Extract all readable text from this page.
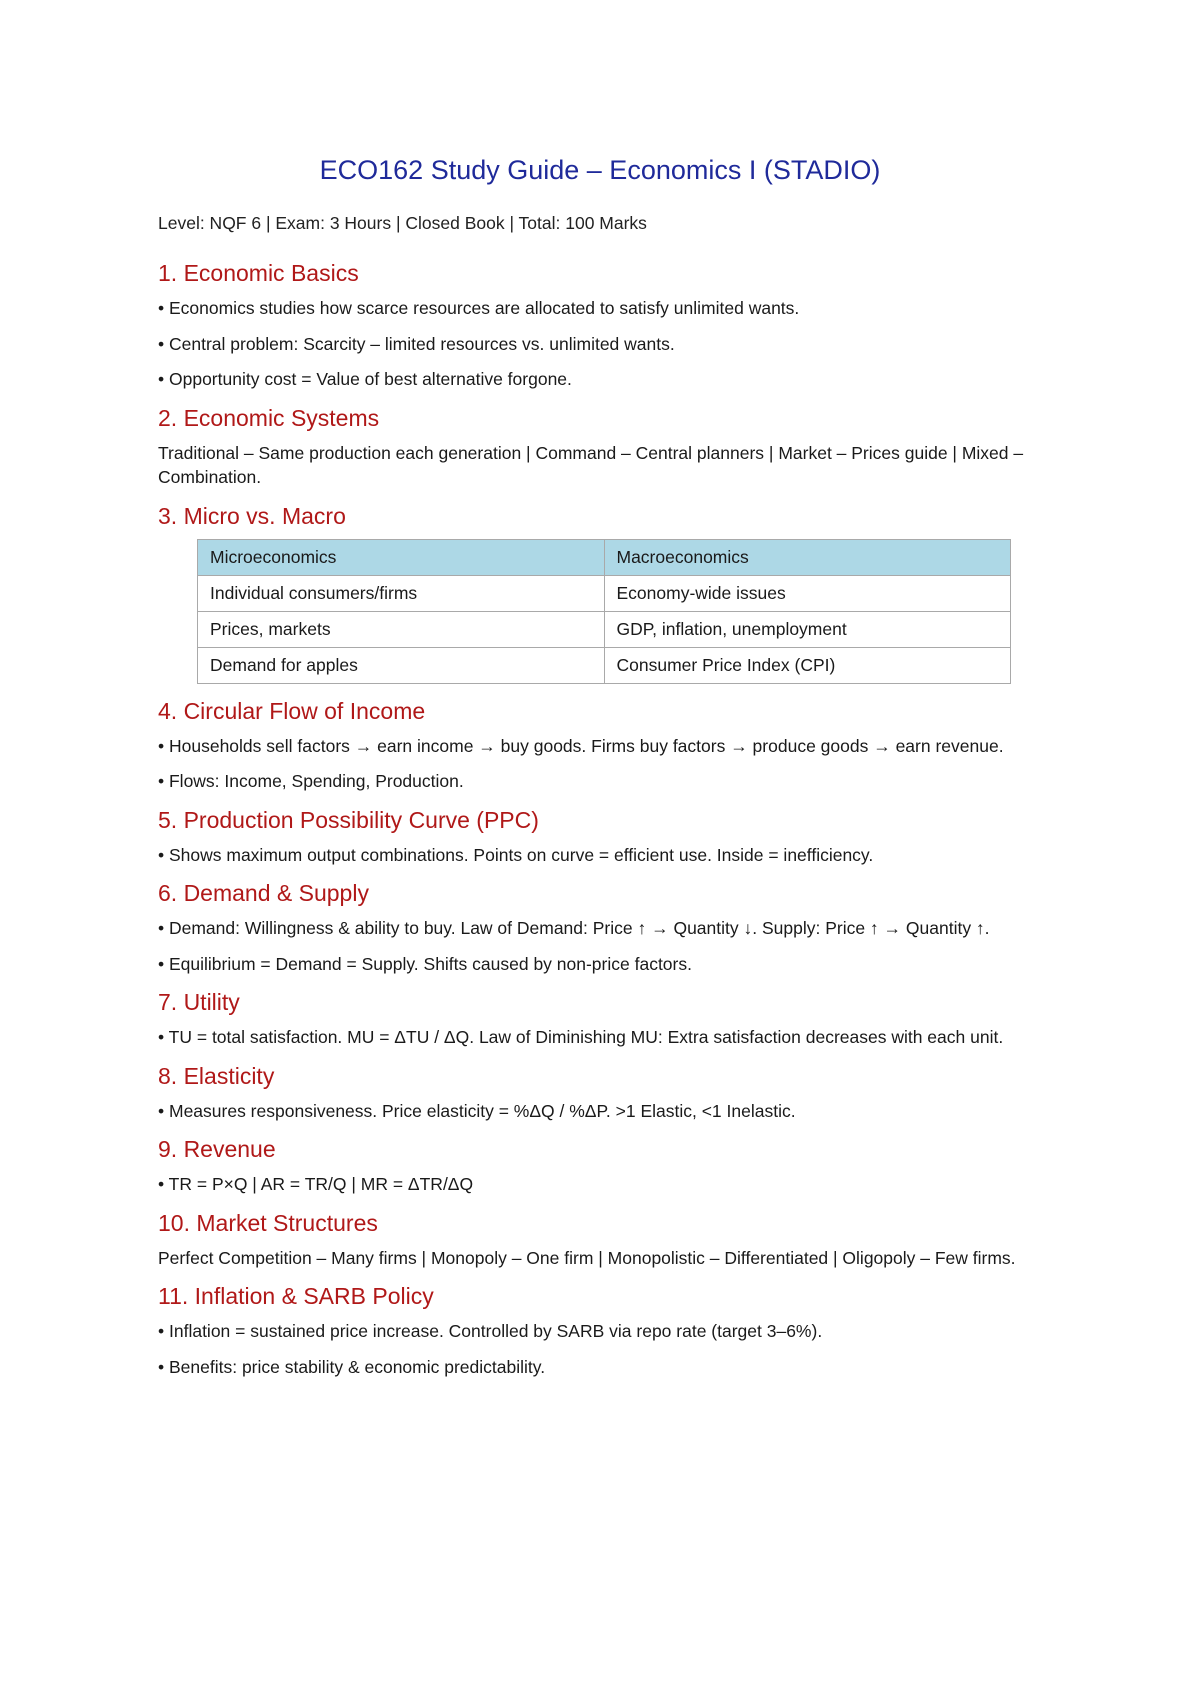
ECO162 Study Guide – Economics I (STADIO)
Level: NQF 6 | Exam: 3 Hours | Closed Book | Total: 100 Marks
1. Economic Basics

• Economics studies how scarce resources are allocated to satisfy unlimited wants.

• Central problem: Scarcity – limited resources vs. unlimited wants.

• Opportunity cost = Value of best alternative forgone.

2. Economic Systems

Traditional – Same production each generation | Command – Central planners | Market – Prices guide | Mixed – Combination.

3. Micro vs. Macro
Microeconomics	Macroeconomics
Individual consumers/firms	Economy-wide issues
Prices, markets	GDP, inflation, unemployment
Demand for apples	Consumer Price Index (CPI)
4. Circular Flow of Income

• Households sell factors → earn income → buy goods. Firms buy factors → produce goods → earn revenue.

• Flows: Income, Spending, Production.

5. Production Possibility Curve (PPC)

• Shows maximum output combinations. Points on curve = efficient use. Inside = inefficiency.

6. Demand & Supply

• Demand: Willingness & ability to buy. Law of Demand: Price ↑ → Quantity ↓. Supply: Price ↑ → Quantity ↑.

• Equilibrium = Demand = Supply. Shifts caused by non-price factors.

7. Utility

• TU = total satisfaction. MU = ΔTU / ΔQ. Law of Diminishing MU: Extra satisfaction decreases with each unit.

8. Elasticity

• Measures responsiveness. Price elasticity = %ΔQ / %ΔP. >1 Elastic, <1 Inelastic.

9. Revenue

• TR = P×Q | AR = TR/Q | MR = ΔTR/ΔQ

10. Market Structures

Perfect Competition – Many firms | Monopoly – One firm | Monopolistic – Differentiated | Oligopoly – Few firms.

11. Inflation & SARB Policy

• Inflation = sustained price increase. Controlled by SARB via repo rate (target 3–6%).

• Benefits: price stability & economic predictability.
